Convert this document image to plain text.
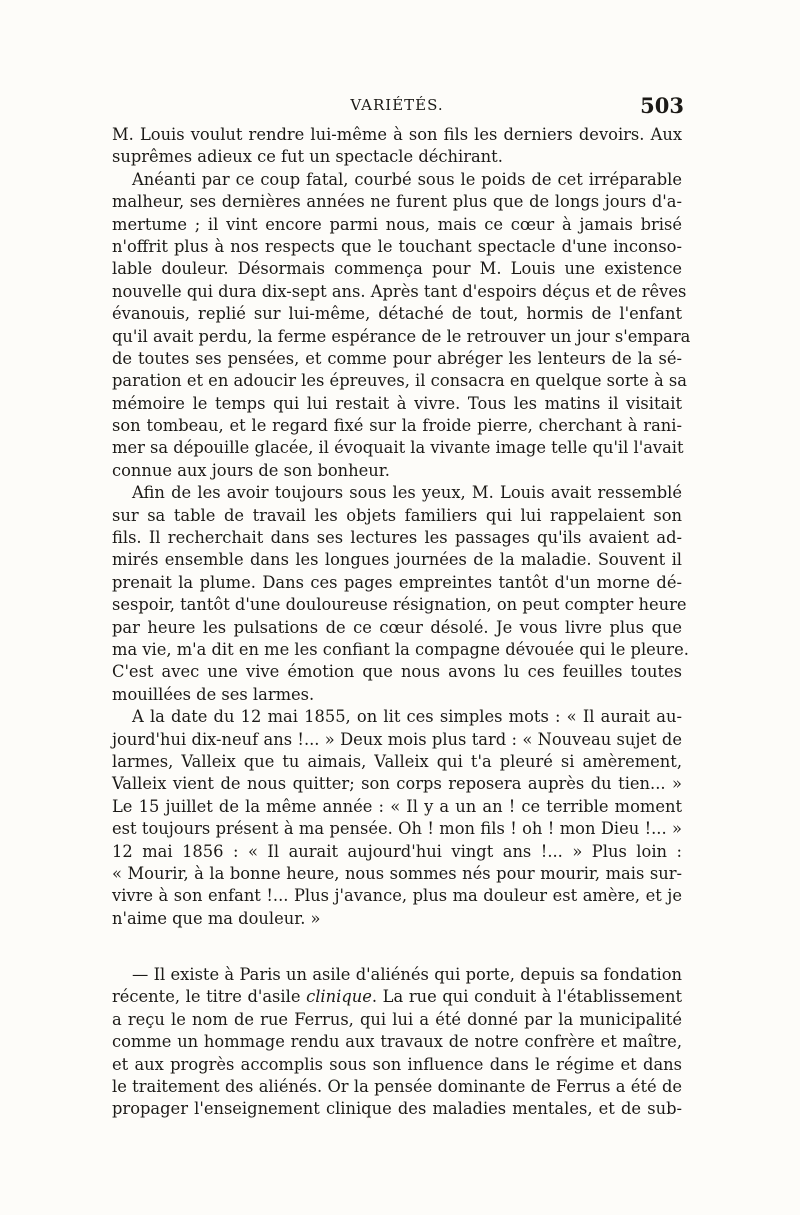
VARIÉTÉS.	503
M. Louis voulut rendre lui-même à son fils les derniers devoirs. Aux
suprêmes adieux ce fut un spectacle déchirant.
Anéanti par ce coup fatal, courbé sous le poids de cet irréparable
malheur, ses dernières années ne furent plus que de longs jours d'a-
mertume ; il vint encore parmi nous, mais ce cœur à jamais brisé
n'offrit plus à nos respects que le touchant spectacle d'une inconso-
lable douleur. Désormais commença pour M. Louis une existence
nouvelle qui dura dix-sept ans. Après tant d'espoirs déçus et de rêves
évanouis, replié sur lui-même, détaché de tout, hormis de l'enfant
qu'il avait perdu, la ferme espérance de le retrouver un jour s'empara
de toutes ses pensées, et comme pour abréger les lenteurs de la sé-
paration et en adoucir les épreuves, il consacra en quelque sorte à sa
mémoire le temps qui lui restait à vivre. Tous les matins il visitait
son tombeau, et le regard fixé sur la froide pierre, cherchant à rani-
mer sa dépouille glacée, il évoquait la vivante image telle qu'il l'avait
connue aux jours de son bonheur.
Afin de les avoir toujours sous les yeux, M. Louis avait ressemblé
sur sa table de travail les objets familiers qui lui rappelaient son
fils. Il recherchait dans ses lectures les passages qu'ils avaient ad-
mirés ensemble dans les longues journées de la maladie. Souvent il
prenait la plume. Dans ces pages empreintes tantôt d'un morne dé-
sespoir, tantôt d'une douloureuse résignation, on peut compter heure
par heure les pulsations de ce cœur désolé. Je vous livre plus que
ma vie, m'a dit en me les confiant la compagne dévouée qui le pleure.
C'est avec une vive émotion que nous avons lu ces feuilles toutes
mouillées de ses larmes.
A la date du 12 mai 1855, on lit ces simples mots : « Il aurait au-
jourd'hui dix-neuf ans !... » Deux mois plus tard : « Nouveau sujet de
larmes, Valleix que tu aimais, Valleix qui t'a pleuré si amèrement,
Valleix vient de nous quitter; son corps reposera auprès du tien... »
Le 15 juillet de la même année : « Il y a un an ! ce terrible moment
est toujours présent à ma pensée. Oh ! mon fils ! oh ! mon Dieu !... »
12 mai 1856 : « Il aurait aujourd'hui vingt ans !... » Plus loin :
« Mourir, à la bonne heure, nous sommes nés pour mourir, mais sur-
vivre à son enfant !... Plus j'avance, plus ma douleur est amère, et je
n'aime que ma douleur. »
— Il existe à Paris un asile d'aliénés qui porte, depuis sa fondation
récente, le titre d'asile clinique. La rue qui conduit à l'établissement
a reçu le nom de rue Ferrus, qui lui a été donné par la municipalité
comme un hommage rendu aux travaux de notre confrère et maître,
et aux progrès accomplis sous son influence dans le régime et dans
le traitement des aliénés. Or la pensée dominante de Ferrus a été de
propager l'enseignement clinique des maladies mentales, et de sub-
